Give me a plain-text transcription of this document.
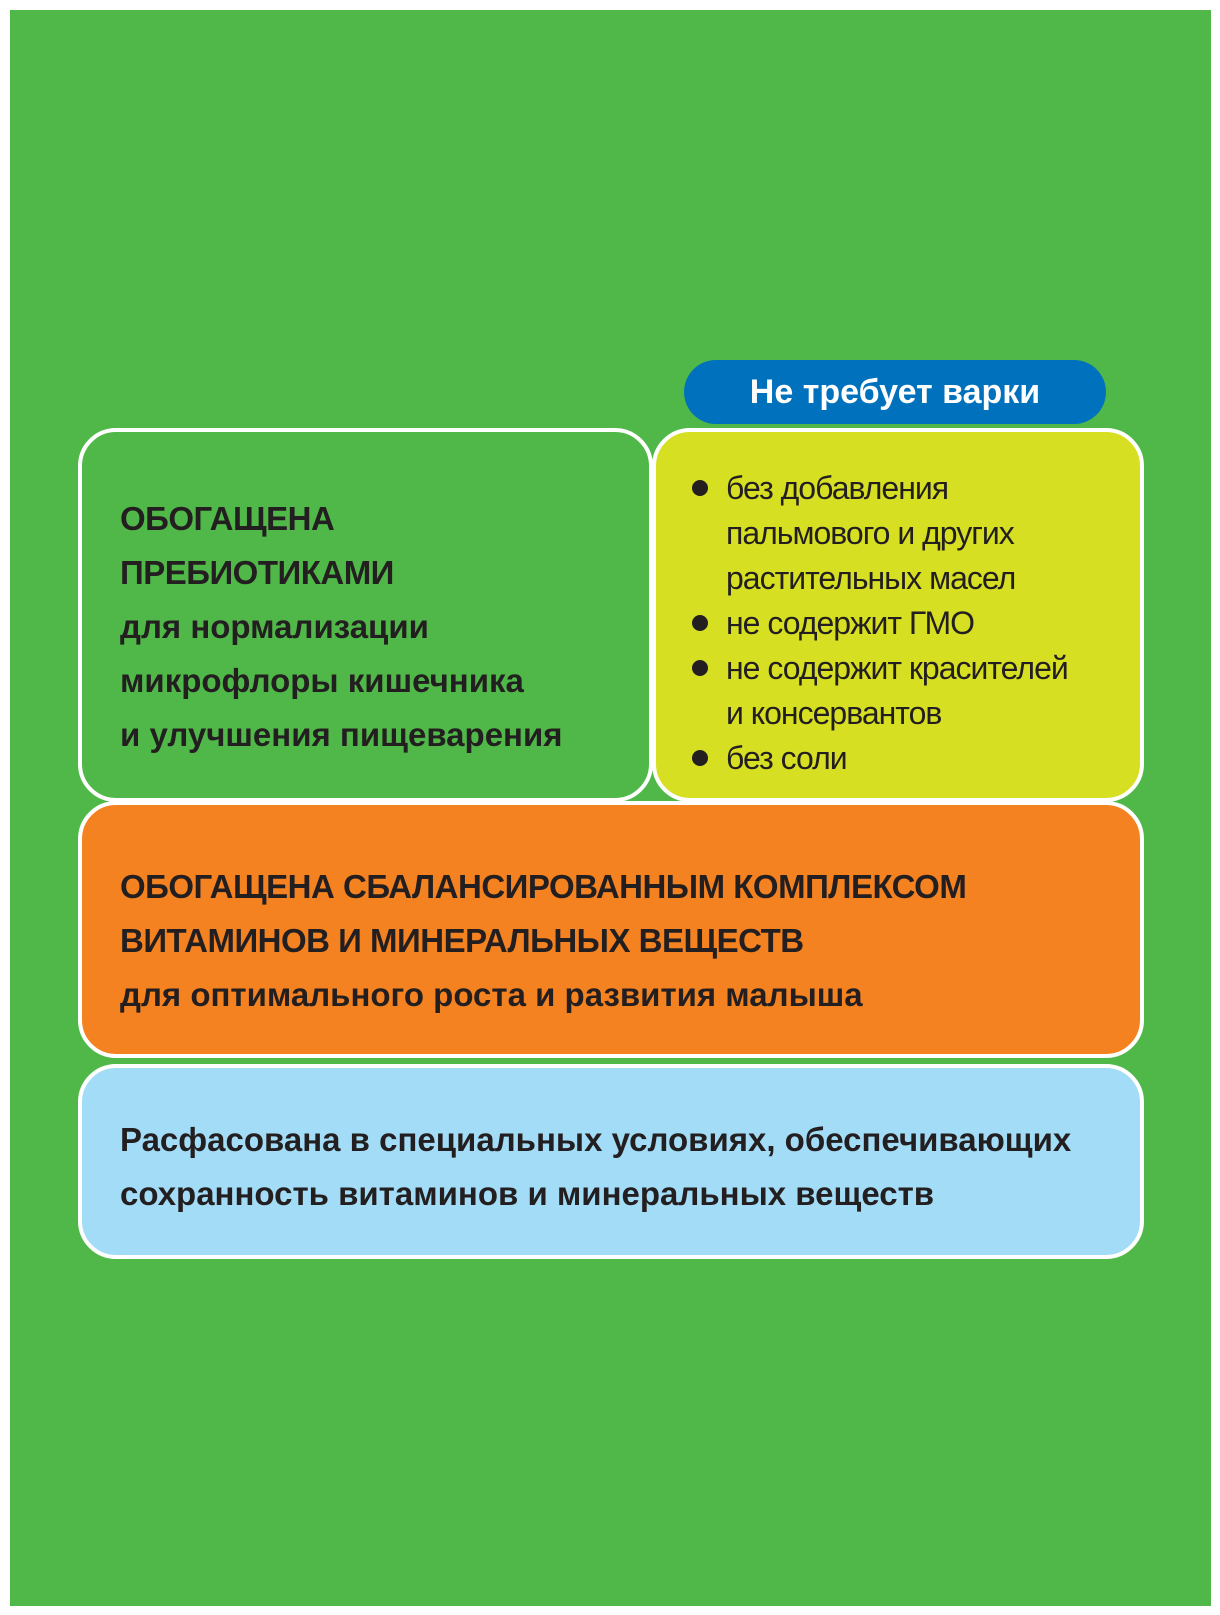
Не требует варки
ОБОГАЩЕНА
ПРЕБИОТИКАМИ
для нормализации
микрофлоры кишечника
и улучшения пищеварения
без добавления
пальмового и других
растительных масел
не содержит ГМО
не содержит красителей
и консервантов
без соли
ОБОГАЩЕНА СБАЛАНСИРОВАННЫМ КОМПЛЕКСОМ
ВИТАМИНОВ И МИНЕРАЛЬНЫХ ВЕЩЕСТВ
для оптимального роста и развития малыша
Расфасована в специальных условиях, обеспечивающих
сохранность витаминов и минеральных веществ
